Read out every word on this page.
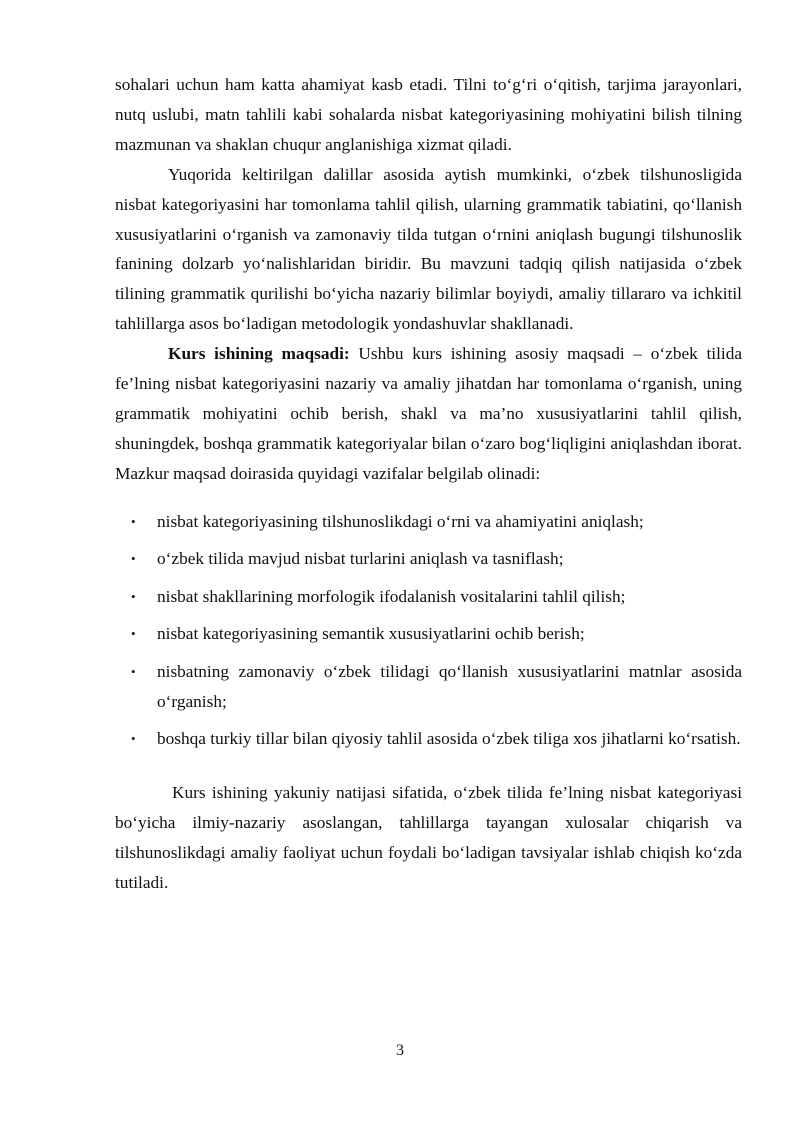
sohalari uchun ham katta ahamiyat kasb etadi. Tilni to‘g‘ri o‘qitish, tarjima jarayonlari, nutq uslubi, matn tahlili kabi sohalarda nisbat kategoriyasining mohiyatini bilish tilning mazmunan va shaklan chuqur anglanishiga xizmat qiladi.

Yuqorida keltirilgan dalillar asosida aytish mumkinki, o‘zbek tilshunosligida nisbat kategoriyasini har tomonlama tahlil qilish, ularning grammatik tabiatini, qo‘llanish xususiyatlarini o‘rganish va zamonaviy tilda tutgan o‘rnini aniqlash bugungi tilshunoslik fanining dolzarb yo‘nalishlaridan biridir. Bu mavzuni tadqiq qilish natijasida o‘zbek tilining grammatik qurilishi bo‘yicha nazariy bilimlar boyiydi, amaliy tillararo va ichkitil tahlillarga asos bo‘ladigan metodologik yondashuvlar shakllanadi.

Kurs ishining maqsadi: Ushbu kurs ishining asosiy maqsadi – o‘zbek tilida fe’lning nisbat kategoriyasini nazariy va amaliy jihatdan har tomonlama o‘rganish, uning grammatik mohiyatini ochib berish, shakl va ma’no xususiyatlarini tahlil qilish, shuningdek, boshqa grammatik kategoriyalar bilan o‘zaro bog‘liqligini aniqlashdan iborat. Mazkur maqsad doirasida quyidagi vazifalar belgilab olinadi:

• nisbat kategoriyasining tilshunoslikdagi o‘rni va ahamiyatini aniqlash;
• o‘zbek tilida mavjud nisbat turlarini aniqlash va tasniflash;
• nisbat shakllarining morfologik ifodalanish vositalarini tahlil qilish;
• nisbat kategoriyasining semantik xususiyatlarini ochib berish;
• nisbatning zamonaviy o‘zbek tilidagi qo‘llanish xususiyatlarini matnlar asosida o‘rganish;
• boshqa turkiy tillar bilan qiyosiy tahlil asosida o‘zbek tiliga xos jihatlarni ko‘rsatish.

Kurs ishining yakuniy natijasi sifatida, o‘zbek tilida fe’lning nisbat kategoriyasi bo‘yicha ilmiy-nazariy asoslangan, tahlillarga tayangan xulosalar chiqarish va tilshunoslikdagi amaliy faoliyat uchun foydali bo‘ladigan tavsiyalar ishlab chiqish ko‘zda tutiladi.

3
